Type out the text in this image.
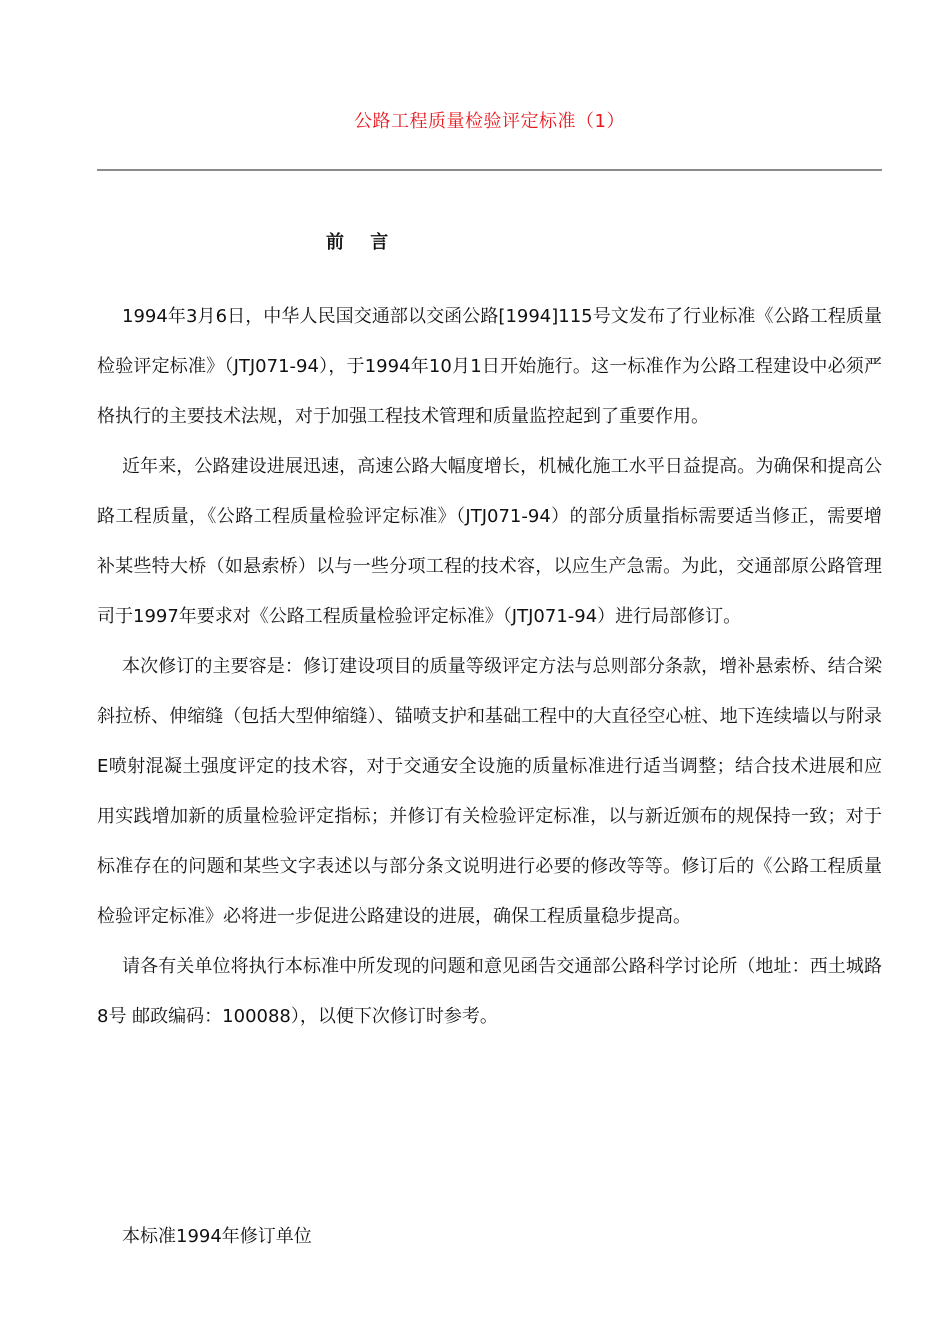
公路工程质量检验评定标准（1）
前 言

1994年3月6日，中华人民国交通部以交函公路[1994]115号文发布了行业标准《公路工程质量检验评定标准》（JTJ071-94），于1994年10月1日开始施行。这一标准作为公路工程建设中必须严格执行的主要技术法规，对于加强工程技术管理和质量监控起到了重要作用。

近年来，公路建设进展迅速，高速公路大幅度增长，机械化施工水平日益提高。为确保和提高公路工程质量，《公路工程质量检验评定标准》（JTJ071-94）的部分质量指标需要适当修正，需要增补某些特大桥（如悬索桥）以与一些分项工程的技术容，以应生产急需。为此，交通部原公路管理司于1997年要求对《公路工程质量检验评定标准》（JTJ071-94）进行局部修订。

本次修订的主要容是：修订建设项目的质量等级评定方法与总则部分条款，增补悬索桥、结合梁斜拉桥、伸缩缝（包括大型伸缩缝）、锚喷支护和基础工程中的大直径空心桩、地下连续墙以与附录E喷射混凝土强度评定的技术容，对于交通安全设施的质量标准进行适当调整；结合技术进展和应用实践增加新的质量检验评定指标；并修订有关检验评定标准，以与新近颁布的规保持一致；对于标准存在的问题和某些文字表述以与部分条文说明进行必要的修改等等。修订后的《公路工程质量检验评定标准》必将进一步促进公路建设的进展，确保工程质量稳步提高。

请各有关单位将执行本标准中所发现的问题和意见函告交通部公路科学讨论所（地址：西土城路8号 邮政编码：100088），以便下次修订时参考。

本标准1994年修订单位
